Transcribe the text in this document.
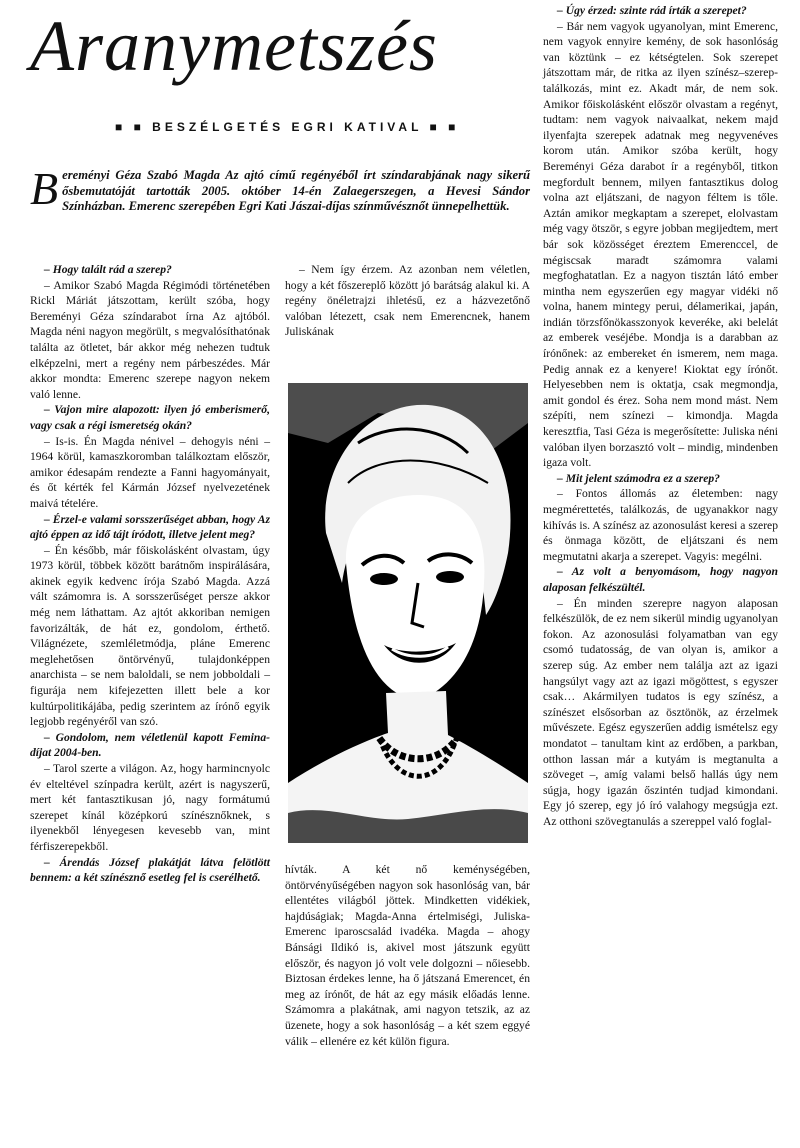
Aranymetszés
■ ■ BESZÉLGETÉS EGRI KATIVAL ■ ■
B ereményi Géza Szabó Magda Az ajtó című regényéből írt színdarabjának nagy sikerű ősbemutatóját tartották 2005. október 14-én Zalaegerszegen, a Hevesi Sándor Színházban. Emerenc szerepében Egri Kati Jászai-díjas színművésznőt ünnepelhettük.

– Hogy talált rád a szerep?

– Amikor Szabó Magda Régimódi történetében Rickl Máriát játszottam, került szóba, hogy Bereményi Géza színdarabot írna Az ajtóból. Magda néni nagyon megörült, s megvalósíthatónak találta az ötletet, bár akkor még nehezen tudtuk elképzelni, mert a regény nem párbeszédes. Már akkor mondta: Emerenc szerepe nagyon nekem való lenne.

– Vajon mire alapozott: ilyen jó emberismerő, vagy csak a régi ismeretség okán?

– Is-is. Én Magda nénivel – dehogyis néni – 1964 körül, kamaszkoromban találkoztam először, amikor édesapám rendezte a Fanni hagyományait, és őt kérték fel Kármán József nyelvezetének maivá tételére.

– Érzel-e valami sorsszerűséget abban, hogy Az ajtó éppen az idő tájt íródott, illetve jelent meg?

– Én később, már főiskolásként olvastam, úgy 1973 körül, többek között barátnőm inspirálására, akinek egyik kedvenc írója Szabó Magda. Azzá vált számomra is. A sorsszerűséget persze akkor még nem láthattam. Az ajtót akkoriban nemigen favorizálták, de hát ez, gondolom, érthető. Világnézete, szemléletmódja, pláne Emerenc meglehetősen öntörvényű, tulajdonképpen anarchista – se nem baloldali, se nem jobboldali – figurája nem kifejezetten illett bele a kor kultúrpolitikájába, pedig szerintem az írónő egyik legjobb regényéről van szó.

– Gondolom, nem véletlenül kapott Femina-díjat 2004-ben.

– Tarol szerte a világon. Az, hogy harmincnyolc év elteltével színpadra került, azért is nagyszerű, mert két fantasztikusan jó, nagy formátumú szerepet kínál középkorú színésznőknek, s ilyenekből lényegesen kevesebb van, mint férfiszerepekből.

– Árendás József plakátját látva felötlött bennem: a két színésznő esetleg fel is cserélhető.

– Nem így érzem. Az azonban nem véletlen, hogy a két főszereplő között jó barátság alakul ki. A regény önéletrajzi ihletésű, ez a házvezetőnő valóban létezett, csak nem Emerencnek, hanem Juliskának

hívták. A két nő keménységében, öntörvényűségében nagyon sok hasonlóság van, bár ellentétes világból jöttek. Mindketten vidékiek, hajdúságiak; Magda-Anna értelmiségi, Juliska-Emerenc iparoscsalád ivadéka. Magda – ahogy Bánsági Ildikó is, akivel most játszunk együtt először, és nagyon jó volt vele dolgozni – nőiesebb. Biztosan érdekes lenne, ha ő játszaná Emerencet, én meg az írónőt, de hát az egy másik előadás lenne. Számomra a plakátnak, ami nagyon tetszik, az az üzenete, hogy a sok hasonlóság – a két szem eggyé válik – ellenére ez két külön figura.

– Úgy érzed: szinte rád írták a szerepet?

– Bár nem vagyok ugyanolyan, mint Emerenc, nem vagyok ennyire kemény, de sok hasonlóság van köztünk – ez kétségtelen. Sok szerepet játszottam már, de ritka az ilyen színész–szerep-találkozás, mint ez. Akadt már, de nem sok. Amikor főiskolásként először olvastam a regényt, tudtam: nem vagyok naivaalkat, nekem majd ilyenfajta szerepek adatnak meg negyvenéves korom után. Amikor szóba került, hogy Bereményi Géza darabot ír a regényből, titkon megfordult bennem, milyen fantasztikus dolog volna azt eljátszani, de nagyon féltem is tőle. Aztán amikor megkaptam a szerepet, elolvastam még vagy ötször, s egyre jobban megijedtem, mert bár sok közösséget éreztem Emerenccel, de mégiscsak maradt számomra valami megfoghatatlan. Ez a nagyon tisztán látó ember mintha nem egyszerűen egy magyar vidéki nő volna, hanem mintegy perui, délamerikai, japán, indián törzsfőnökasszonyok keveréke, aki belelát az emberek veséjébe. Mondja is a darabban az írónőnek: az embereket én ismerem, nem maga. Pedig annak ez a kenyere! Kioktat egy írónőt. Helyesebben nem is oktatja, csak megmondja, amit gondol és érez. Soha nem mond mást. Nem szépíti, nem színezi – kimondja. Magda keresztfia, Tasi Géza is megerősítette: Juliska néni valóban ilyen borzasztó volt – mindig, mindenben igaza volt.

– Mit jelent számodra ez a szerep?

– Fontos állomás az életemben: nagy megmérettetés, találkozás, de ugyanakkor nagy kihívás is. A színész az azonosulást keresi a szerep és önmaga között, de eljátszani és nem megmutatni akarja a szerepet. Vagyis: megélni.

– Az volt a benyomásom, hogy nagyon alaposan felkészültél.

– Én minden szerepre nagyon alaposan felkészülök, de ez nem sikerül mindig ugyanolyan fokon. Az azonosulási folyamatban van egy csomó tudatosság, de van olyan is, amikor a szerep súg. Az ember nem találja azt az igazi hangsúlyt vagy azt az igazi mögöttest, s egyszer csak… Akármilyen tudatos is egy színész, a színészet elsősorban az ösztönök, az érzelmek művészete. Egész egyszerűen addig ismételsz egy mondatot – tanultam kint az erdőben, a parkban, otthon lassan már a kutyám is megtanulta a szöveget –, amíg valami belső hallás úgy nem súgja, hogy igazán őszintén tudjad kimondani. Egy jó szerep, egy jó író valahogy megsúgja ezt. Az otthoni szövegtanulás a szereppel való foglal-
